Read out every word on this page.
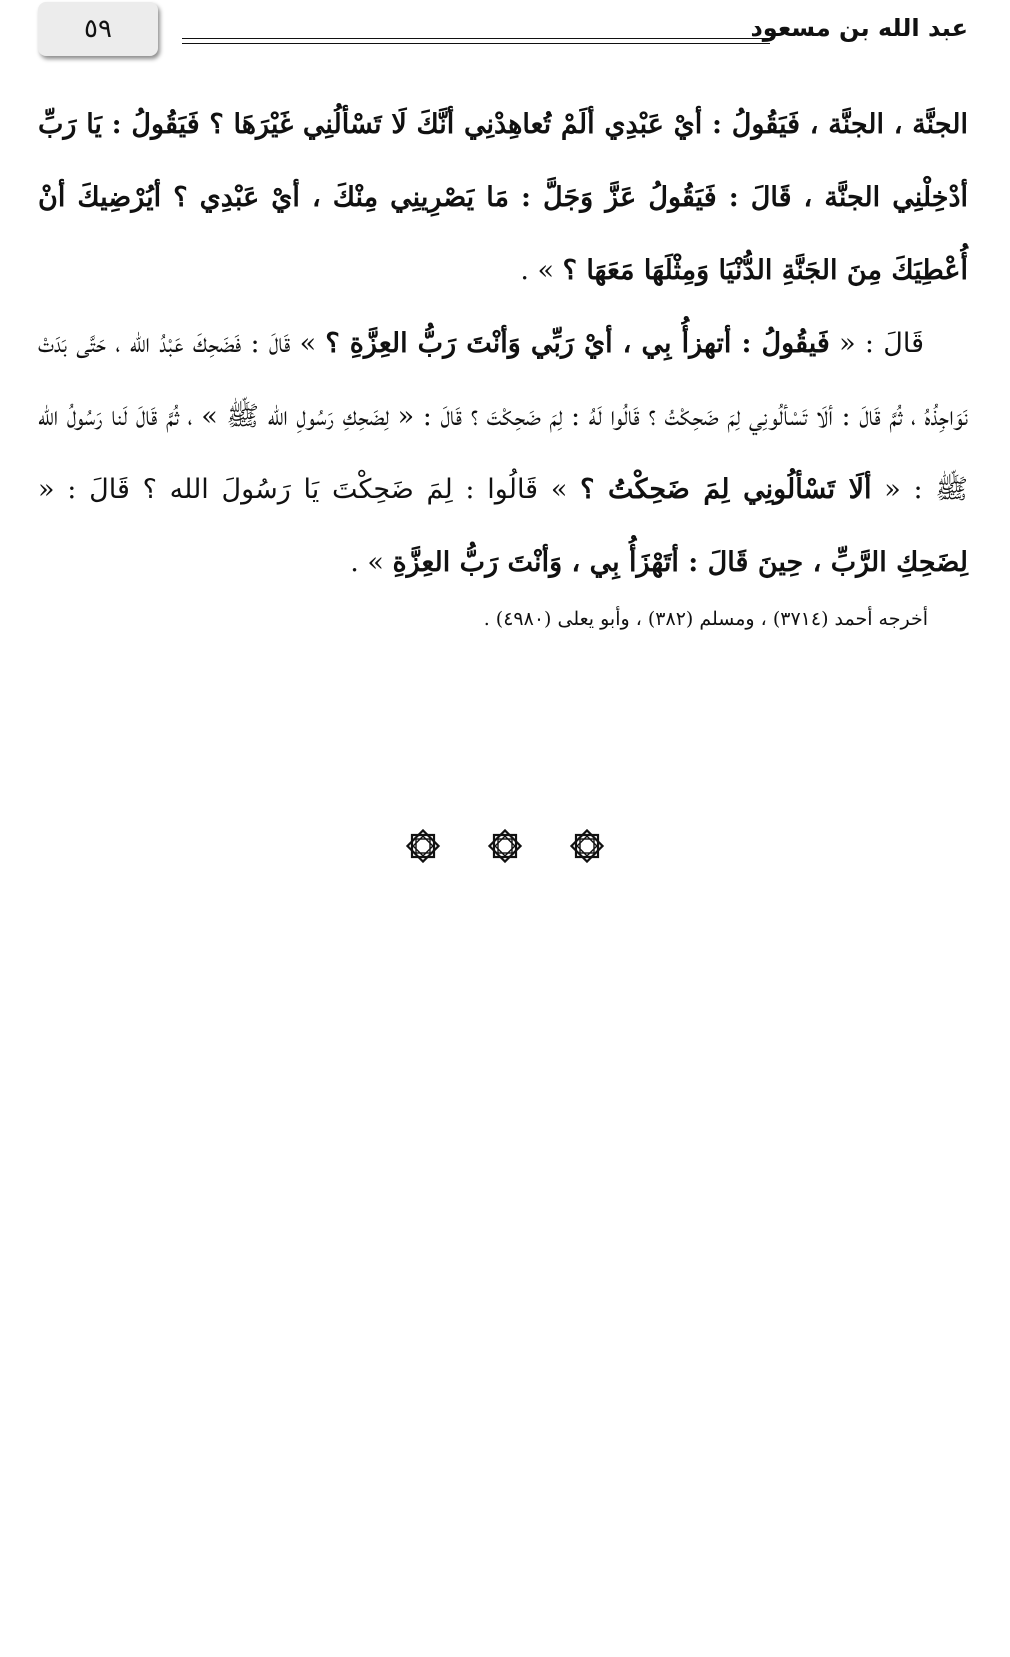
٥٩	عبد الله بن مسعود

الجنَّة ، الجنَّة ، فَيَقُولُ : أيْ عَبْدِي ألَمْ تُعاهِدْنِي أنَّكَ لَا تَسْألُنِي غَيْرَهَا ؟ فَيَقُولُ : يَا رَبِّ أدْخِلْنِي الجنَّة ، قَالَ : فَيَقُولُ عَزَّ وَجَلَّ : مَا يَصْرِينِي مِنْكَ ، أيْ عَبْدِي ؟ أيُرْضِيكَ أنْ أُعْطِيَكَ مِنَ الجَنَّةِ الدُّنْيَا وَمِثْلَهَا مَعَهَا ؟ » .

قَالَ : « فَيقُولُ : أتهزأُ بِي ، أيْ رَبِّي وَأنْتَ رَبُّ العِزَّةِ ؟ » قَالَ : فَضَحِكَ عَبْدُ الله ، حَتَّى بَدَتْ نَوَاجِذُهُ ، ثُمَّ قَالَ : ألَا تَسْألُونِي لِمَ ضَحِكْتُ ؟ قَالُوا لَهُ : لِمَ ضَحِكْتَ ؟ قَالَ : « لِضَحِكِ رَسُولِ الله ﷺ » ، ثُمَّ قَالَ لَنا رَسُولُ الله ﷺ : « ألَا تَسْألُونِي لِمَ ضَحِكْتُ ؟ » قَالُوا : لِمَ ضَحِكْتَ يَا رَسُولَ الله ؟ قَالَ : « لِضَحِكِ الرَّبِّ ، حِينَ قَالَ : أتَهْزَأُ بِي ، وَأنْتَ رَبُّ العِزَّةِ » .

أخرجه أحمد (٣٧١٤) ، ومسلم (٣٨٢) ، وأبو يعلى (٤٩٨٠) .
